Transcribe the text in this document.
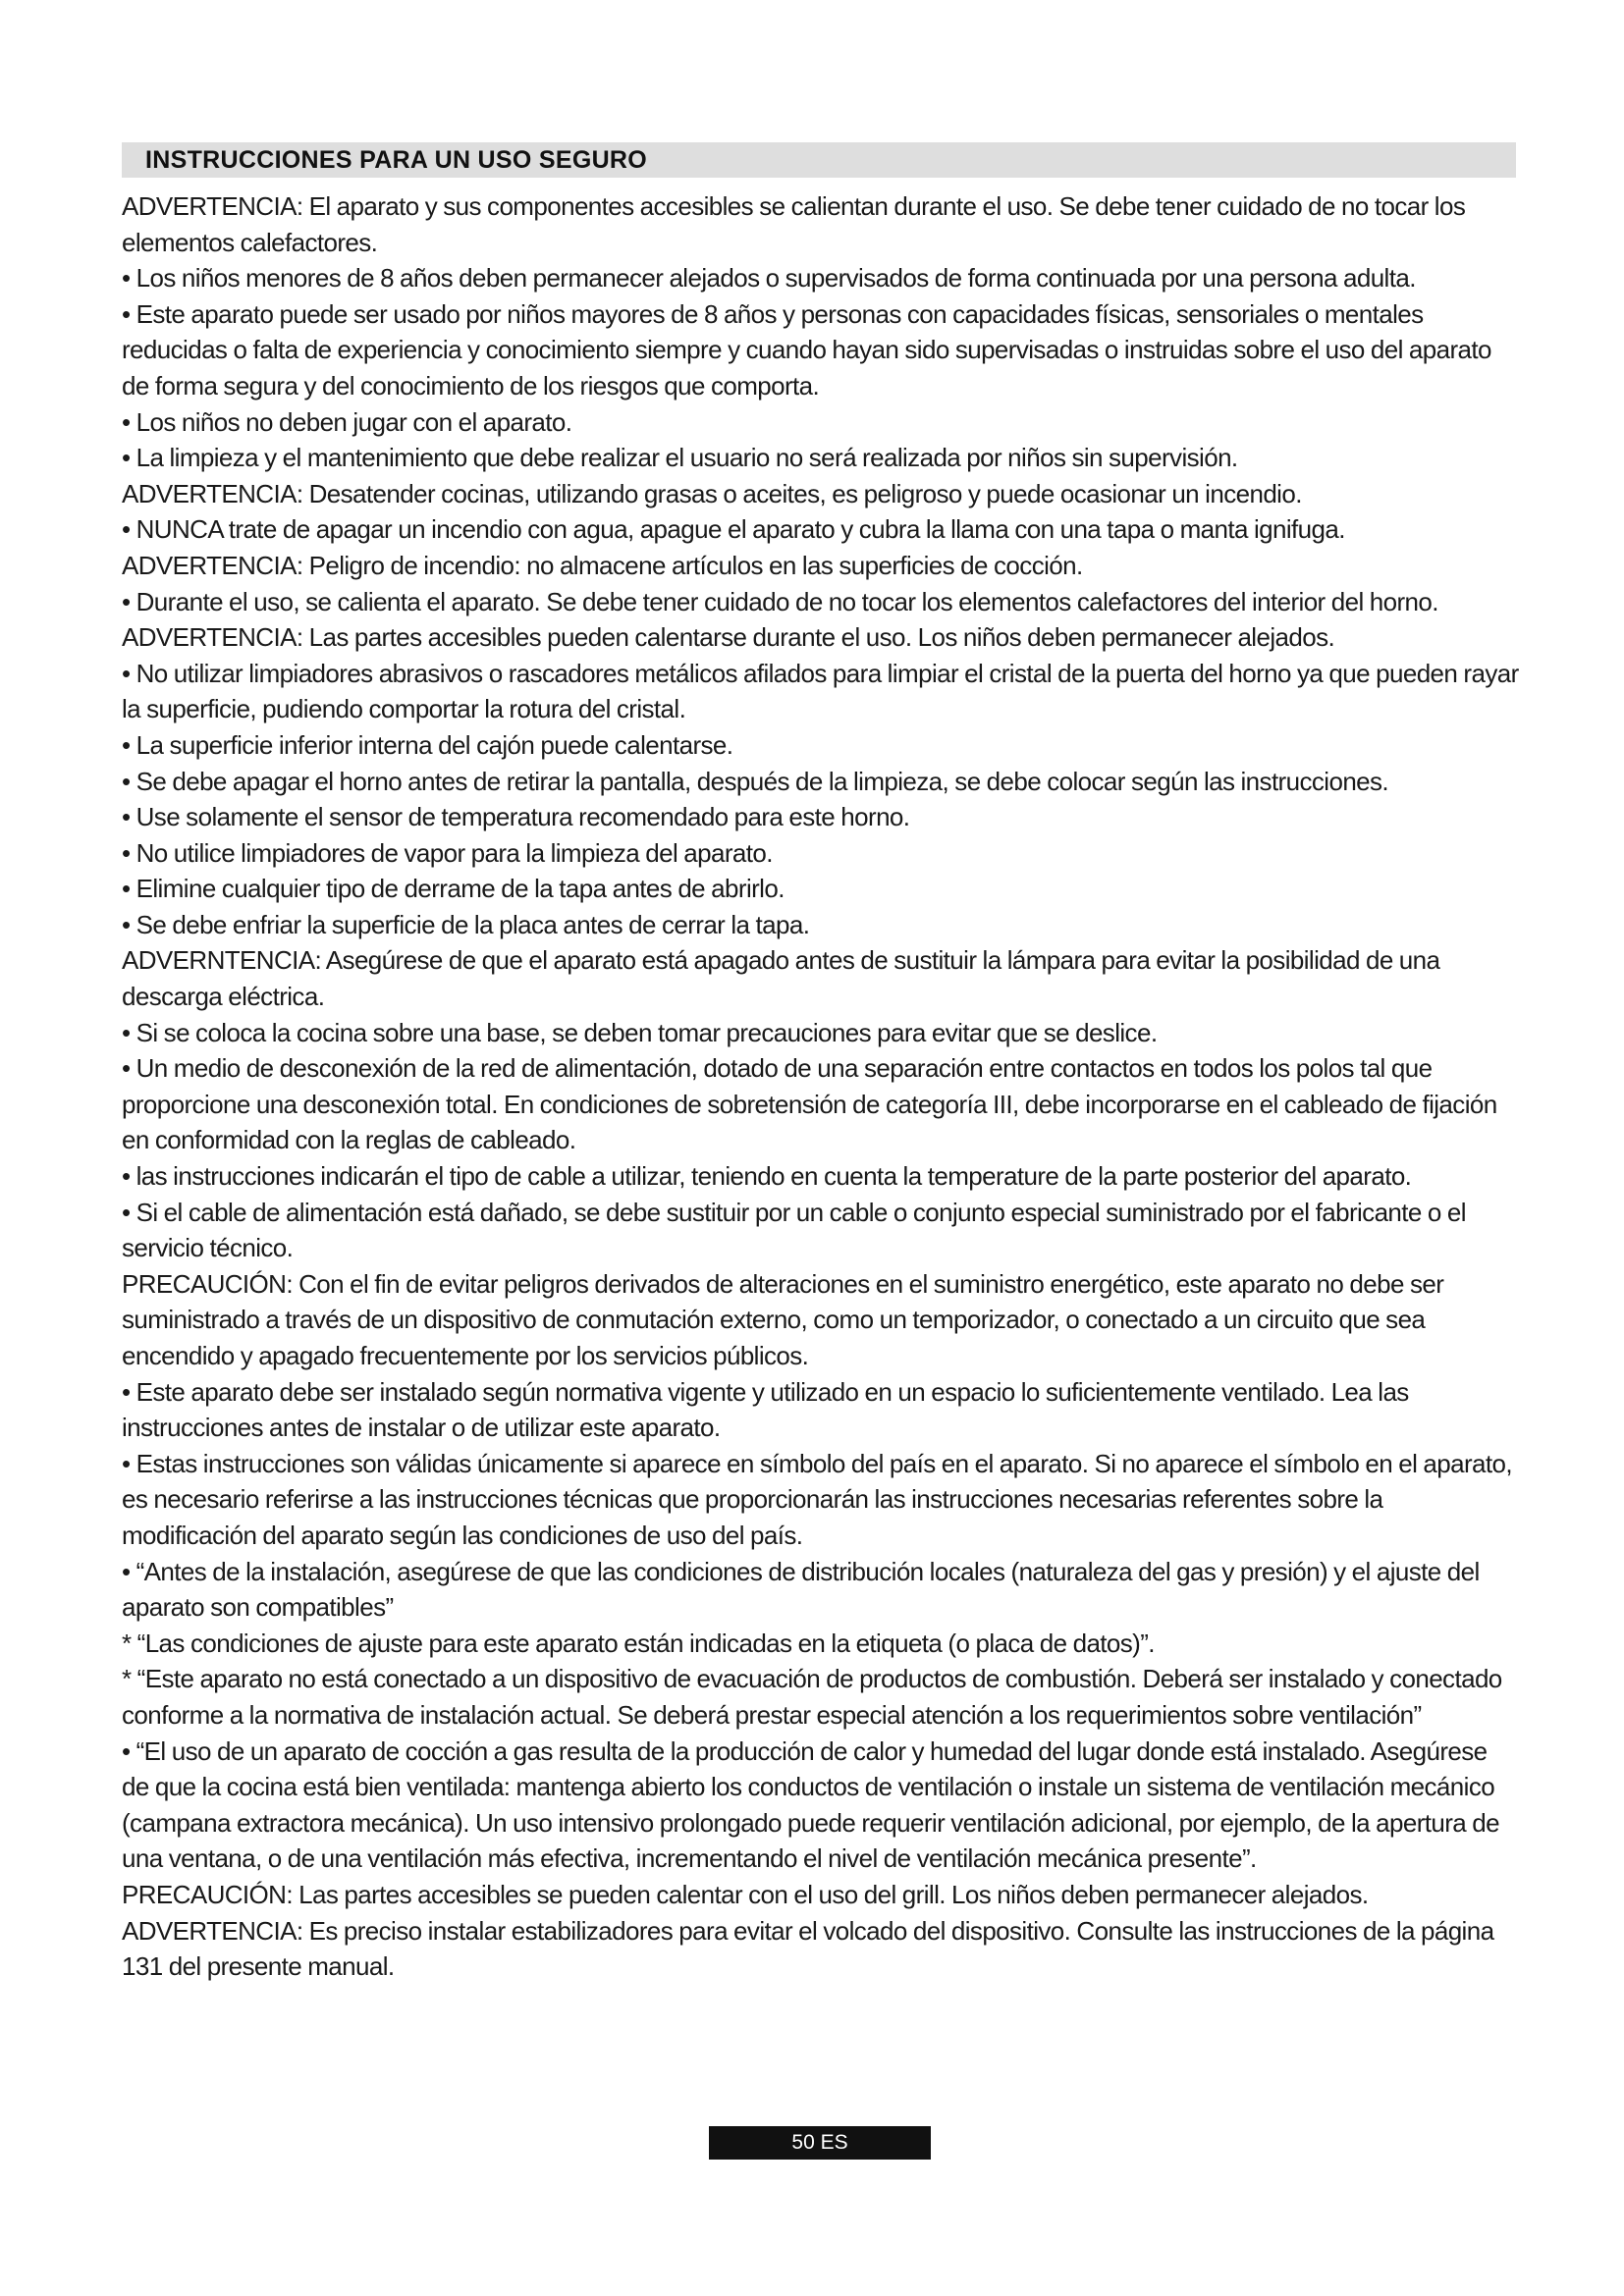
INSTRUCCIONES PARA UN USO SEGURO

ADVERTENCIA: El aparato y sus componentes accesibles se calientan durante el uso. Se debe tener cuidado de no tocar los elementos calefactores.

• Los niños menores de 8 años deben permanecer alejados o supervisados de forma continuada por una persona adulta.

• Este aparato puede ser usado por niños mayores de 8 años y personas con capacidades físicas, sensoriales o mentales reducidas o falta de experiencia y conocimiento siempre y cuando hayan sido supervisadas o instruidas sobre el uso del aparato de forma segura y del conocimiento de los riesgos que comporta.

• Los niños no deben jugar con el aparato.

• La limpieza y el mantenimiento que debe realizar el usuario no será realizada por niños sin supervisión.

ADVERTENCIA: Desatender cocinas, utilizando grasas o aceites, es peligroso y puede ocasionar un incendio.

• NUNCA trate de apagar un incendio con agua, apague el aparato y cubra la llama con una tapa o manta ignifuga.

ADVERTENCIA: Peligro de incendio: no almacene artículos en las superficies de cocción.

• Durante el uso, se calienta el aparato. Se debe tener cuidado de no tocar los elementos calefactores del interior del horno.

ADVERTENCIA: Las partes accesibles pueden calentarse durante el uso. Los niños deben permanecer alejados.

• No utilizar limpiadores abrasivos o rascadores metálicos afilados para limpiar el cristal de la puerta del horno ya que pueden rayar la superficie, pudiendo comportar la rotura del cristal.

• La superficie inferior interna del cajón puede calentarse.

• Se debe apagar el horno antes de retirar la pantalla, después de la limpieza, se debe colocar según las instrucciones.

• Use solamente el sensor de temperatura recomendado para este horno.

• No utilice limpiadores de vapor para la limpieza del aparato.

• Elimine cualquier tipo de derrame de la tapa antes de abrirlo.

• Se debe enfriar la superficie de la placa antes de cerrar la tapa.

ADVERNTENCIA: Asegúrese de que el aparato está apagado antes de sustituir la lámpara para evitar la posibilidad de una descarga eléctrica.

• Si se coloca la cocina sobre una base, se deben tomar precauciones para evitar que se deslice.

• Un medio de desconexión de la red de alimentación, dotado de una separación entre contactos en todos los polos tal que proporcione una desconexión total. En condiciones de sobretensión de categoría III, debe incorporarse en el cableado de fijación en conformidad con la reglas de cableado.

• las instrucciones indicarán el tipo de cable a utilizar, teniendo en cuenta la temperature de la parte posterior del aparato.

• Si el cable de alimentación está dañado, se debe sustituir por un cable o conjunto especial suministrado por el fabricante o el servicio técnico.

PRECAUCIÓN: Con el fin de evitar peligros derivados de alteraciones en el suministro energético, este aparato no debe ser suministrado a través de un dispositivo de conmutación externo, como un temporizador, o conectado a un circuito que sea encendido y apagado frecuentemente por los servicios públicos.

• Este aparato debe ser instalado según normativa vigente y utilizado en un espacio lo suficientemente ventilado. Lea las instrucciones antes de instalar o de utilizar este aparato.

• Estas instrucciones son válidas únicamente si aparece en símbolo del país en el aparato. Si no aparece el símbolo en el aparato, es necesario referirse a las instrucciones técnicas que proporcionarán las instrucciones necesarias referentes sobre la modificación del aparato según las condiciones de uso del país.

• “Antes de la instalación, asegúrese de que las condiciones de distribución locales (naturaleza del gas y presión) y el ajuste del aparato son compatibles”

* “Las condiciones de ajuste para este aparato están indicadas en la etiqueta (o placa de datos)”.

* “Este aparato no está conectado a un dispositivo de evacuación de productos de combustión. Deberá ser instalado y conectado conforme a la normativa de instalación actual. Se deberá prestar especial atención a los requerimientos sobre ventilación”

• “El uso de un aparato de cocción a gas resulta de la producción de calor y humedad del lugar donde está instalado. Asegúrese de que la cocina está bien ventilada: mantenga abierto los conductos de ventilación o instale un sistema de ventilación mecánico (campana extractora mecánica). Un uso intensivo prolongado puede requerir ventilación adicional, por ejemplo, de la apertura de una ventana, o de una ventilación más efectiva, incrementando el nivel de ventilación mecánica presente”.

PRECAUCIÓN: Las partes accesibles se pueden calentar con el uso del grill. Los niños deben permanecer alejados.

ADVERTENCIA: Es preciso instalar estabilizadores para evitar el volcado del dispositivo. Consulte las instrucciones de la página 131 del presente manual.

50 ES
